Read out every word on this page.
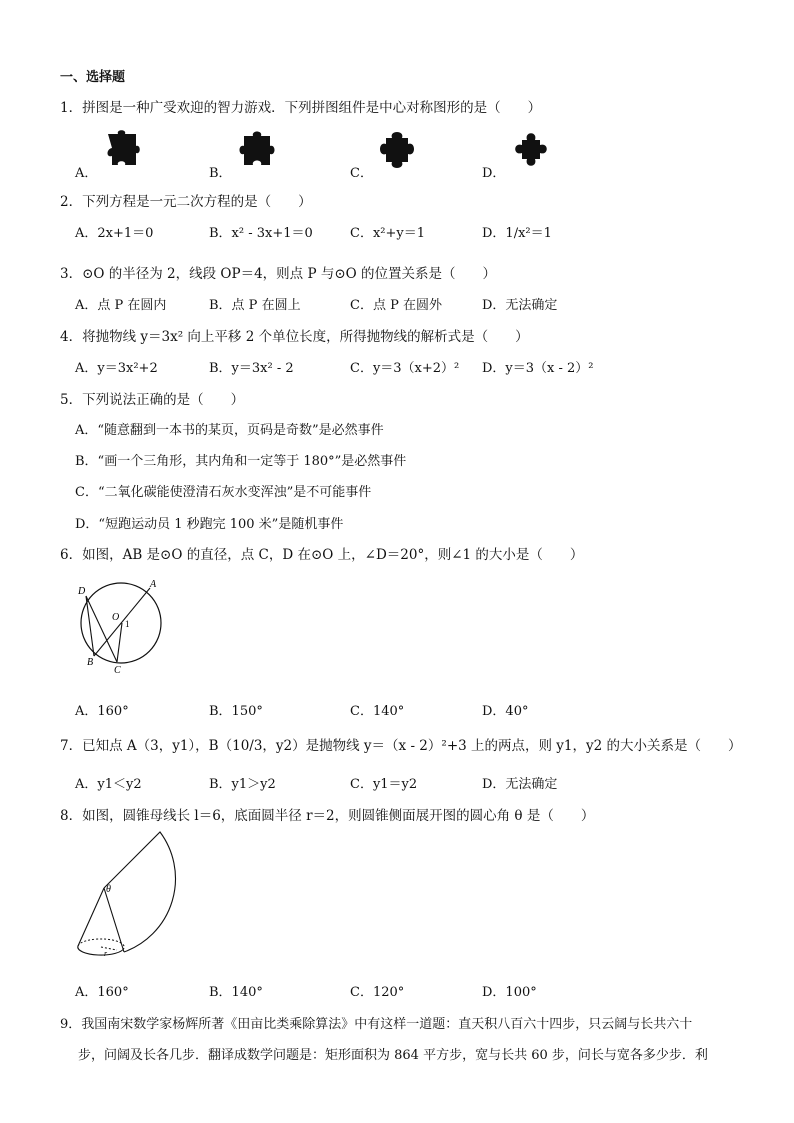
一、选择题
1．拼图是一种广受欢迎的智力游戏．下列拼图组件是中心对称图形的是（　　）
A．	B．	C．	D．
2．下列方程是一元二次方程的是（　　）
A．2x+1＝0	B．x² - 3x+1＝0	C．x²+y＝1	D．1/x²＝1
3．⊙O 的半径为 2，线段 OP＝4，则点 P 与⊙O 的位置关系是（　　）
A．点 P 在圆内	B．点 P 在圆上	C．点 P 在圆外	D．无法确定
4．将抛物线 y＝3x² 向上平移 2 个单位长度，所得抛物线的解析式是（　　）
A．y＝3x²+2	B．y＝3x² - 2	C．y＝3（x+2）² D．y＝3（x - 2）²
5．下列说法正确的是（　　）
A．“随意翻到一本书的某页，页码是奇数”是必然事件
B．“画一个三角形，其内角和一定等于 180°”是必然事件
C．“二氧化碳能使澄清石灰水变浑浊”是不可能事件
D．“短跑运动员 1 秒跑完 100 米”是随机事件
6．如图，AB 是⊙O 的直径，点 C，D 在⊙O 上，∠D＝20°，则∠1 的大小是（　　）
D
A
O
1
B
C
A．160°	B．150°	C．140°	D．40°
7．已知点 A（3，y1），B（10/3，y2）是抛物线 y＝（x - 2）²+3 上的两点，则 y1，y2 的大小关系是（　　）
A．y1＜y2	B．y1＞y2	C．y1＝y2	D．无法确定
8．如图，圆锥母线长 l＝6，底面圆半径 r＝2，则圆锥侧面展开图的圆心角 θ 是（　　）
θ
r
A．160°	B．140°	C．120°	D．100°
9．我国南宋数学家杨辉所著《田亩比类乘除算法》中有这样一道题：直天积八百六十四步，只云阔与长共六十
步，问阔及长各几步．翻译成数学问题是：矩形面积为 864 平方步，宽与长共 60 步，问长与宽各多少步．利
